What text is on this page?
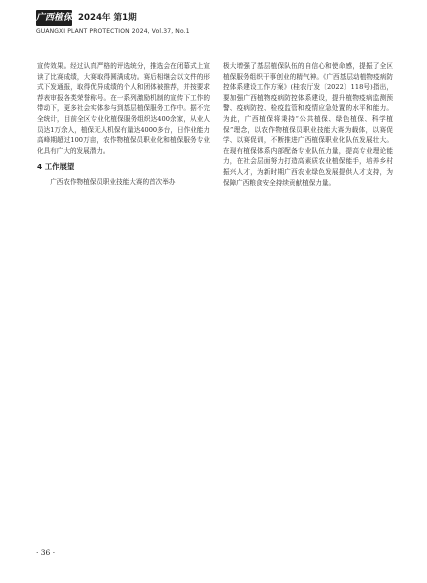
广西植保 2024年 第1期
GUANGXI PLANT PROTECTION 2024, Vol.37, No.1

宣传效果。经过认真严格的评选统分，推选会在闭幕式上宣读了比赛成绩，大赛取得圆满成功。赛后相继会以文件的形式下发通报，取得优异成绩的个人和团体被推荐，并按要求荐表审报各类荣誉称号。在一系列激励机制的宣传下工作的带动下，更多社会实体参与到基层植保服务工作中。据不完全统计，目前全区专业化植保服务组织达400余家，从业人员达1万余人，植保无人机保有量达4000多台，日作业能力高峰期超过100万亩，农作物植保员职业化和植保服务专业化具有广大的发展潜力。

4 工作展望

广西农作物植保员职业技能大赛的首次举办

极大增强了基层植保队伍的自信心和使命感，提振了全区植保服务组织干事创业的精气神。《广西基层动植物疫病防控体系建设工作方案》(桂农厅发〔2022〕118号)指出，要加强广西植物疫病防控体系建设，提升植物疫病监测预警、疫病防控、检疫监管和疫情应急处置的水平和能力。为此，广西植保将秉持“公共植保、绿色植保、科学植保”理念，以农作物植保员职业技能大赛为载体，以赛促学、以赛促训，不断推进广西植保职业化队伍发展壮大。在现有植保体系内部配备专业队伍力量，提高专业理论能力，在社会层面努力打造高素质农业植保能手，培养乡村振兴人才，为新时期广西农业绿色发展提供人才支持，为保障广西粮食安全持续贡献植保力量。

· 36 ·
